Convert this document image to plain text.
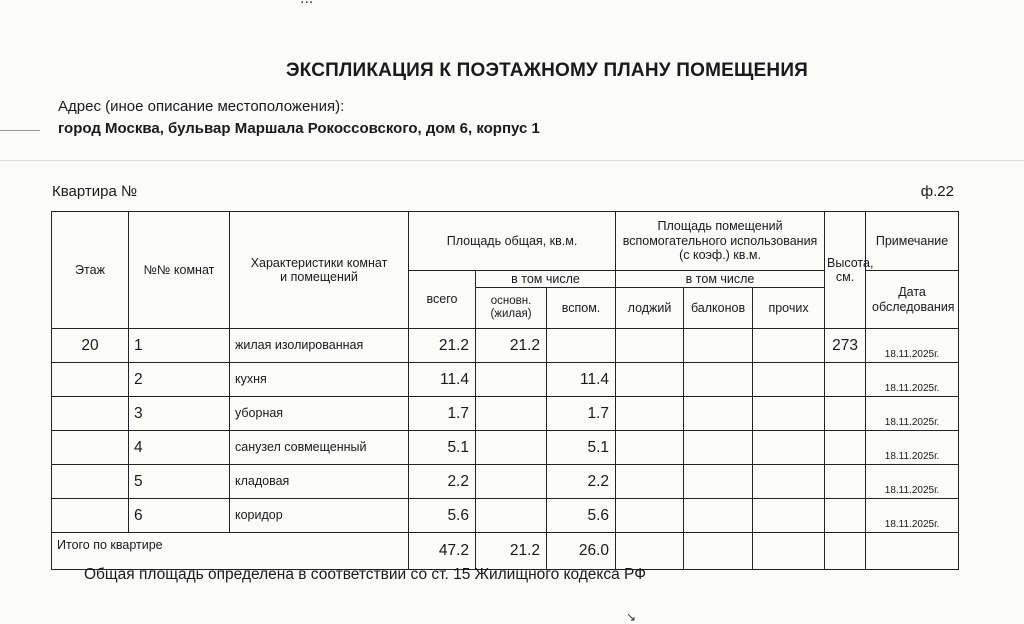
ЭКСПЛИКАЦИЯ К ПОЭТАЖНОМУ ПЛАНУ ПОМЕЩЕНИЯ
Адрес (иное описание местоположения):
город Москва, бульвар Маршала Рокоссовского, дом 6, корпус 1
Квартира №	ф.22
Этаж	№№ комнат	Характеристики комнат и помещений	Площадь общая, кв.м.			Площадь помещений вспомогательного использования (с коэф.) кв.м.			Высота, см.	Примечание
			всего	в том числе		в том числе				Дата обследования
				основн. (жилая)	вспом.	лоджий	балконов	прочих		
20	1	жилая изолированная	21.2	21.2					273	18.11.2025г.
	2	кухня	11.4		11.4					18.11.2025г.
	3	уборная	1.7		1.7					18.11.2025г.
	4	санузел совмещенный	5.1		5.1					18.11.2025г.
	5	кладовая	2.2		2.2					18.11.2025г.
	6	коридор	5.6		5.6					18.11.2025г.
Итого по квартире			47.2	21.2	26.0					
Общая площадь определена в соответствии со ст. 15 Жилищного кодекса РФ
↘
